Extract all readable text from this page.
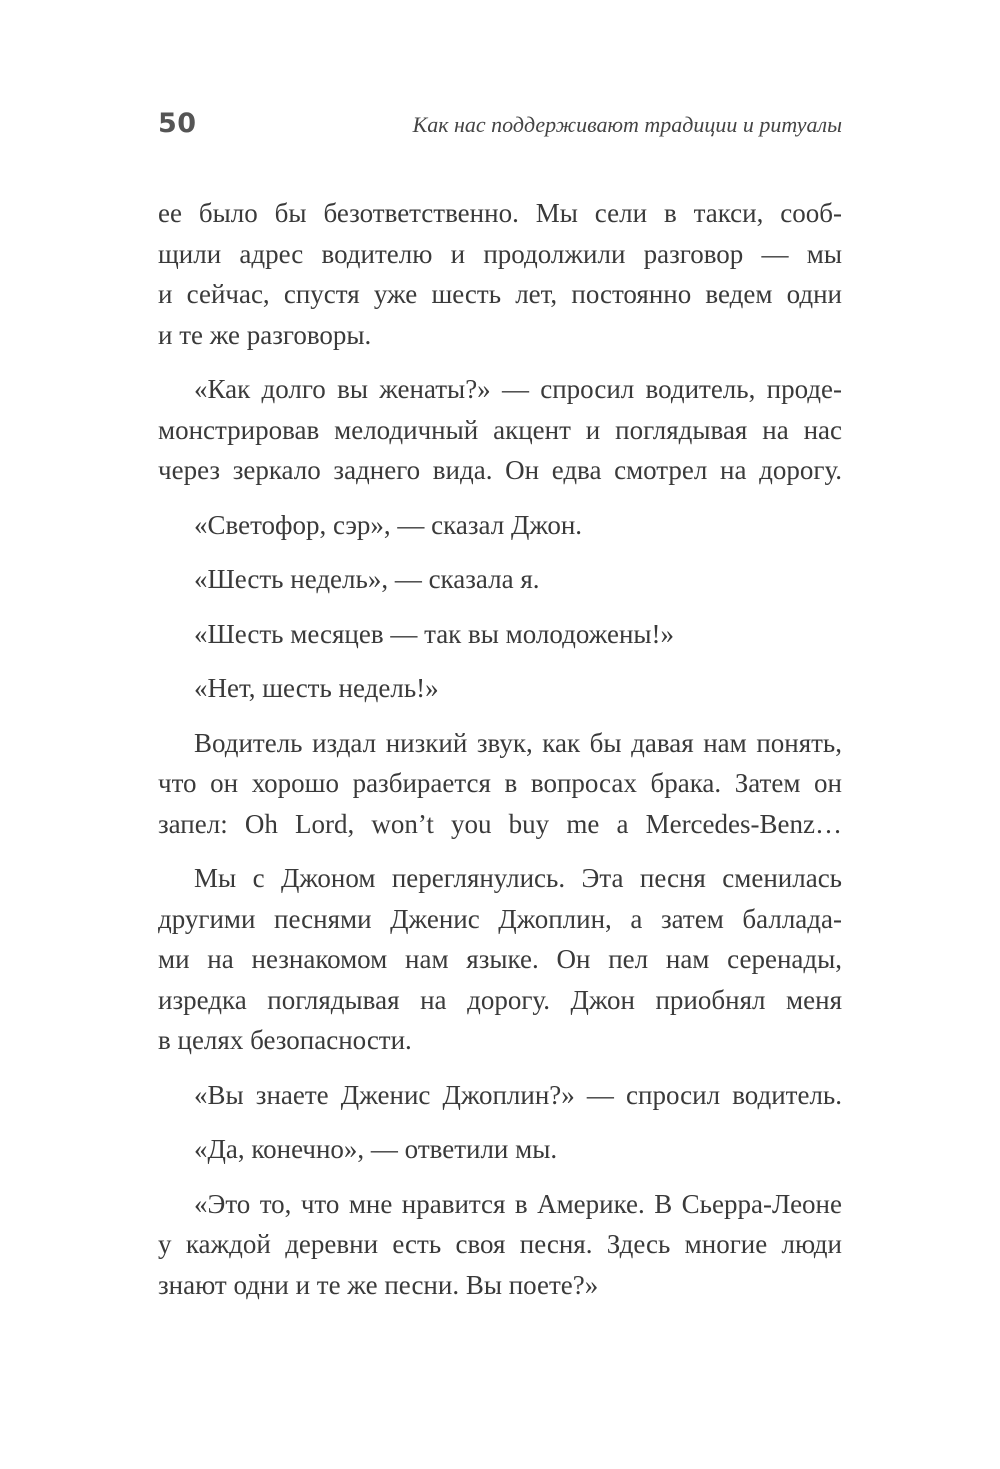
50	Как нас поддерживают традиции и ритуалы
ее было бы безответственно. Мы сели в такси, сооб-
щили адрес водителю и продолжили разговор — мы
и сейчас, спустя уже шесть лет, постоянно ведем одни
и те же разговоры.
«Как долго вы женаты?» — спросил водитель, проде-
монстрировав мелодичный акцент и поглядывая на нас
через зеркало заднего вида. Он едва смотрел на дорогу.
«Светофор, сэр», — сказал Джон.
«Шесть недель», — сказала я.
«Шесть месяцев — так вы молодожены!»
«Нет, шесть недель!»
Водитель издал низкий звук, как бы давая нам понять,
что он хорошо разбирается в вопросах брака. Затем он
запел: Oh Lord, won’t you buy me a Mercedes-Benz…
Мы с Джоном переглянулись. Эта песня сменилась
другими песнями Дженис Джоплин, а затем баллада-
ми на незнакомом нам языке. Он пел нам серенады,
изредка поглядывая на дорогу. Джон приобнял меня
в целях безопасности.
«Вы знаете Дженис Джоплин?» — спросил водитель.
«Да, конечно», — ответили мы.
«Это то, что мне нравится в Америке. В Сьерра-Леоне
у каждой деревни есть своя песня. Здесь многие люди
знают одни и те же песни. Вы поете?»
